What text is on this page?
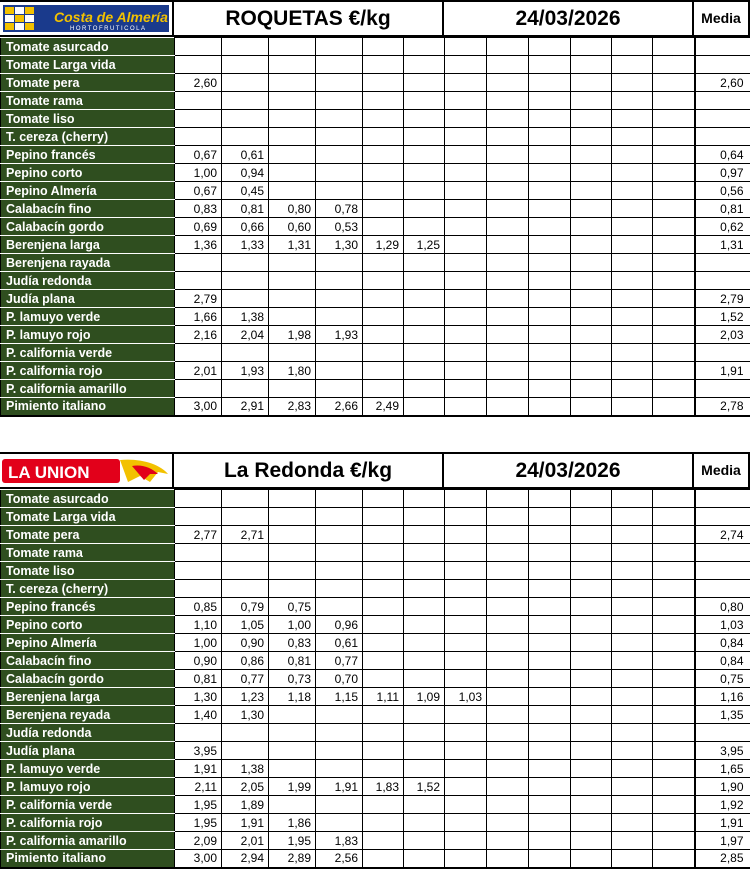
Costa de Almería
HORTOFRUTICOLA	ROQUETAS €/kg	24/03/2026	Media
Tomate asurcado													
Tomate Larga vida													
Tomate pera	2,60												2,60
Tomate rama													
Tomate liso													
T. cereza (cherry)													
Pepino francés	0,67	0,61											0,64
Pepino corto	1,00	0,94											0,97
Pepino Almería	0,67	0,45											0,56
Calabacín fino	0,83	0,81	0,80	0,78									0,81
Calabacín gordo	0,69	0,66	0,60	0,53									0,62
Berenjena larga	1,36	1,33	1,31	1,30	1,29	1,25							1,31
Berenjena rayada													
Judía redonda													
Judía plana	2,79												2,79
P. lamuyo verde	1,66	1,38											1,52
P. lamuyo rojo	2,16	2,04	1,98	1,93									2,03
P. california verde													
P. california rojo	2,01	1,93	1,80										1,91
P. california amarillo													
Pimiento italiano	3,00	2,91	2,83	2,66	2,49								2,78
LA UNION	La Redonda €/kg	24/03/2026	Media
Tomate asurcado													
Tomate Larga vida													
Tomate pera	2,77	2,71											2,74
Tomate rama													
Tomate liso													
T. cereza (cherry)													
Pepino francés	0,85	0,79	0,75										0,80
Pepino corto	1,10	1,05	1,00	0,96									1,03
Pepino Almería	1,00	0,90	0,83	0,61									0,84
Calabacín fino	0,90	0,86	0,81	0,77									0,84
Calabacín gordo	0,81	0,77	0,73	0,70									0,75
Berenjena larga	1,30	1,23	1,18	1,15	1,11	1,09	1,03						1,16
Berenjena reyada	1,40	1,30											1,35
Judía redonda													
Judía plana	3,95												3,95
P. lamuyo verde	1,91	1,38											1,65
P. lamuyo rojo	2,11	2,05	1,99	1,91	1,83	1,52							1,90
P. california verde	1,95	1,89											1,92
P. california rojo	1,95	1,91	1,86										1,91
P. california amarillo	2,09	2,01	1,95	1,83									1,97
Pimiento italiano	3,00	2,94	2,89	2,56									2,85
